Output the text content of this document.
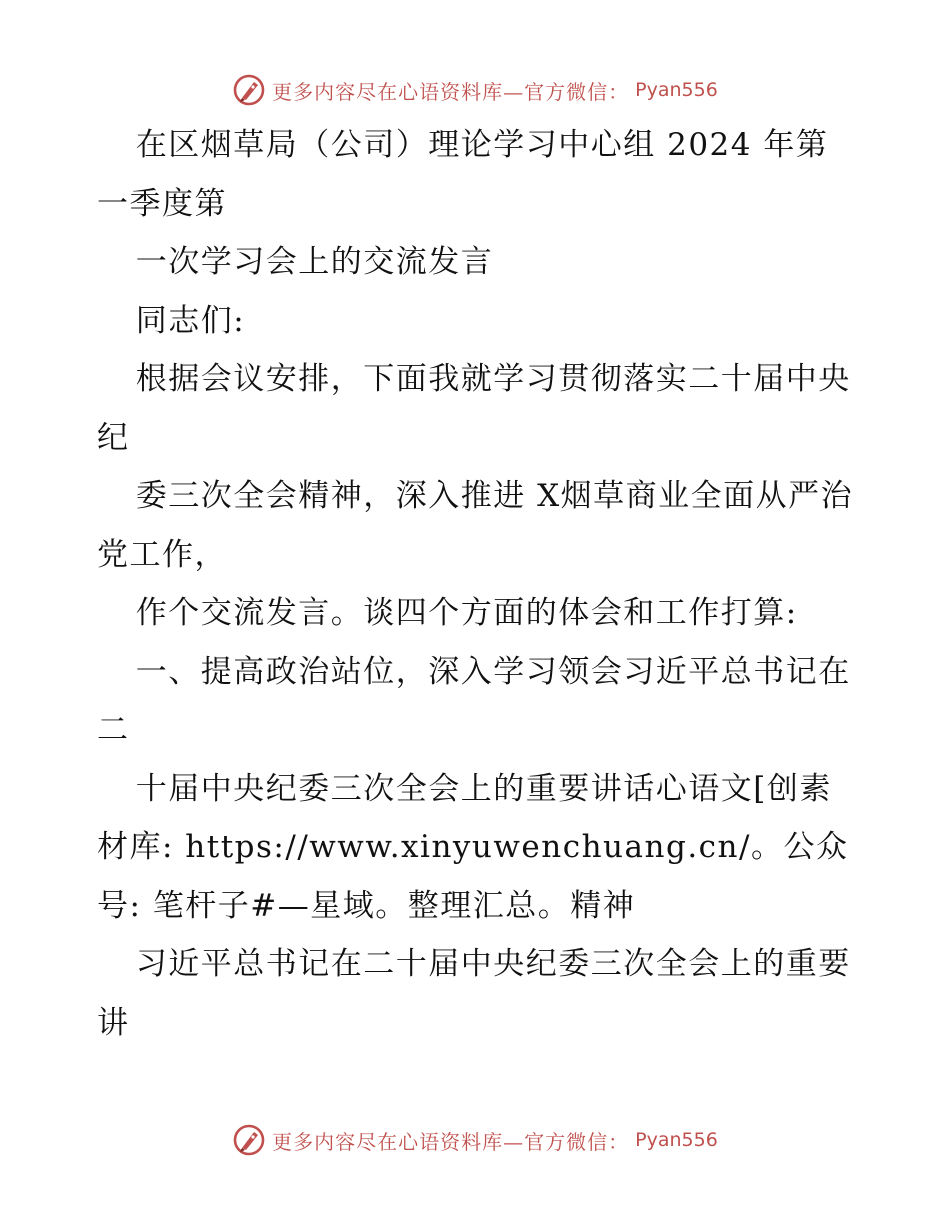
更多内容尽在心语资料库—官方微信： Pyan556

在区烟草局（公司）理论学习中心组 2024 年第一季度第

一次学习会上的交流发言

同志们:

根据会议安排，下面我就学习贯彻落实二十届中央纪

委三次全会精神，深入推进 X烟草商业全面从严治党工作，

作个交流发言。谈四个方面的体会和工作打算:

一、提高政治站位，深入学习领会习近平总书记在二

十届中央纪委三次全会上的重要讲话心语文[创素材库: https://www.xinyuwenchuang.cn/。公众号: 笔杆子#—星域。整理汇总。精神

习近平总书记在二十届中央纪委三次全会上的重要讲

更多内容尽在心语资料库—官方微信： Pyan556
